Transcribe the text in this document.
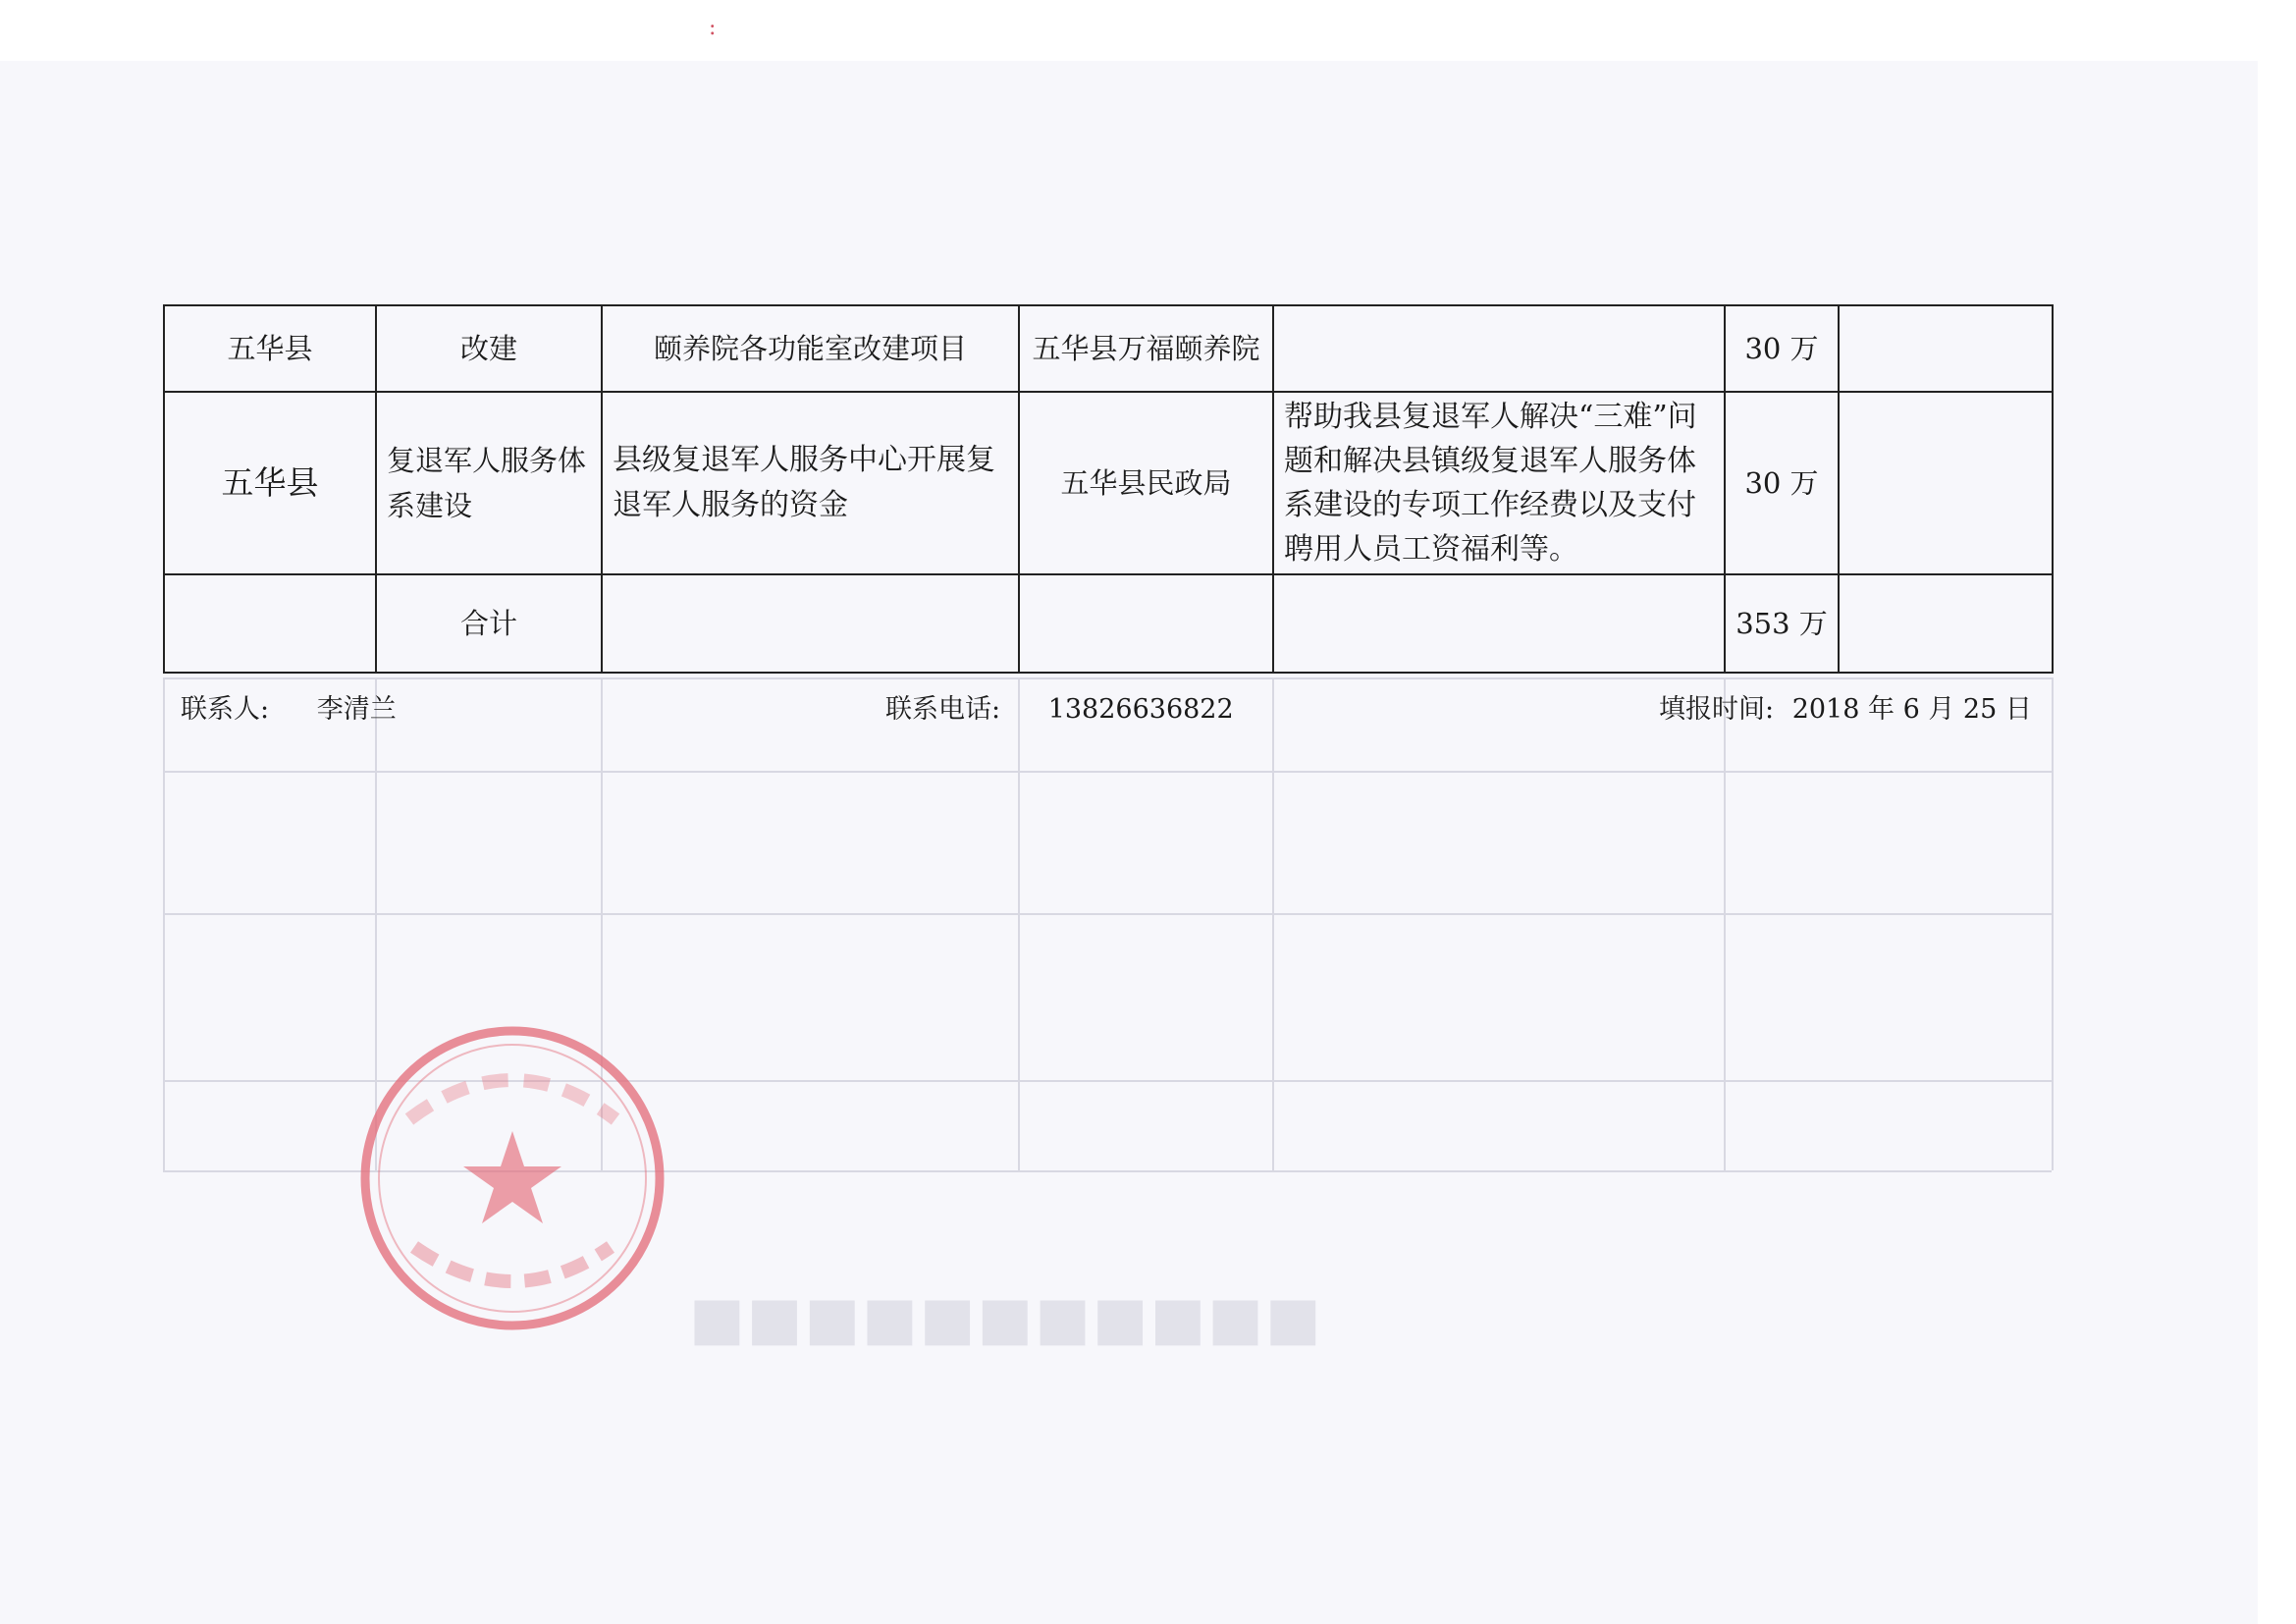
■■■■■■■■■■■
:
五华县	改建	颐养院各功能室改建项目	五华县万福颐养院		30 万	
五华县	复退军人服务体系建设	县级复退军人服务中心开展复退军人服务的资金	五华县民政局	帮助我县复退军人解决“三难”问题和解决县镇级复退军人服务体系建设的专项工作经费以及支付聘用人员工资福利等。	30 万	
	合计				353 万	
联系人: 李清兰	联系电话: 13826636822	填报时间: 2018 年 6 月 25 日
